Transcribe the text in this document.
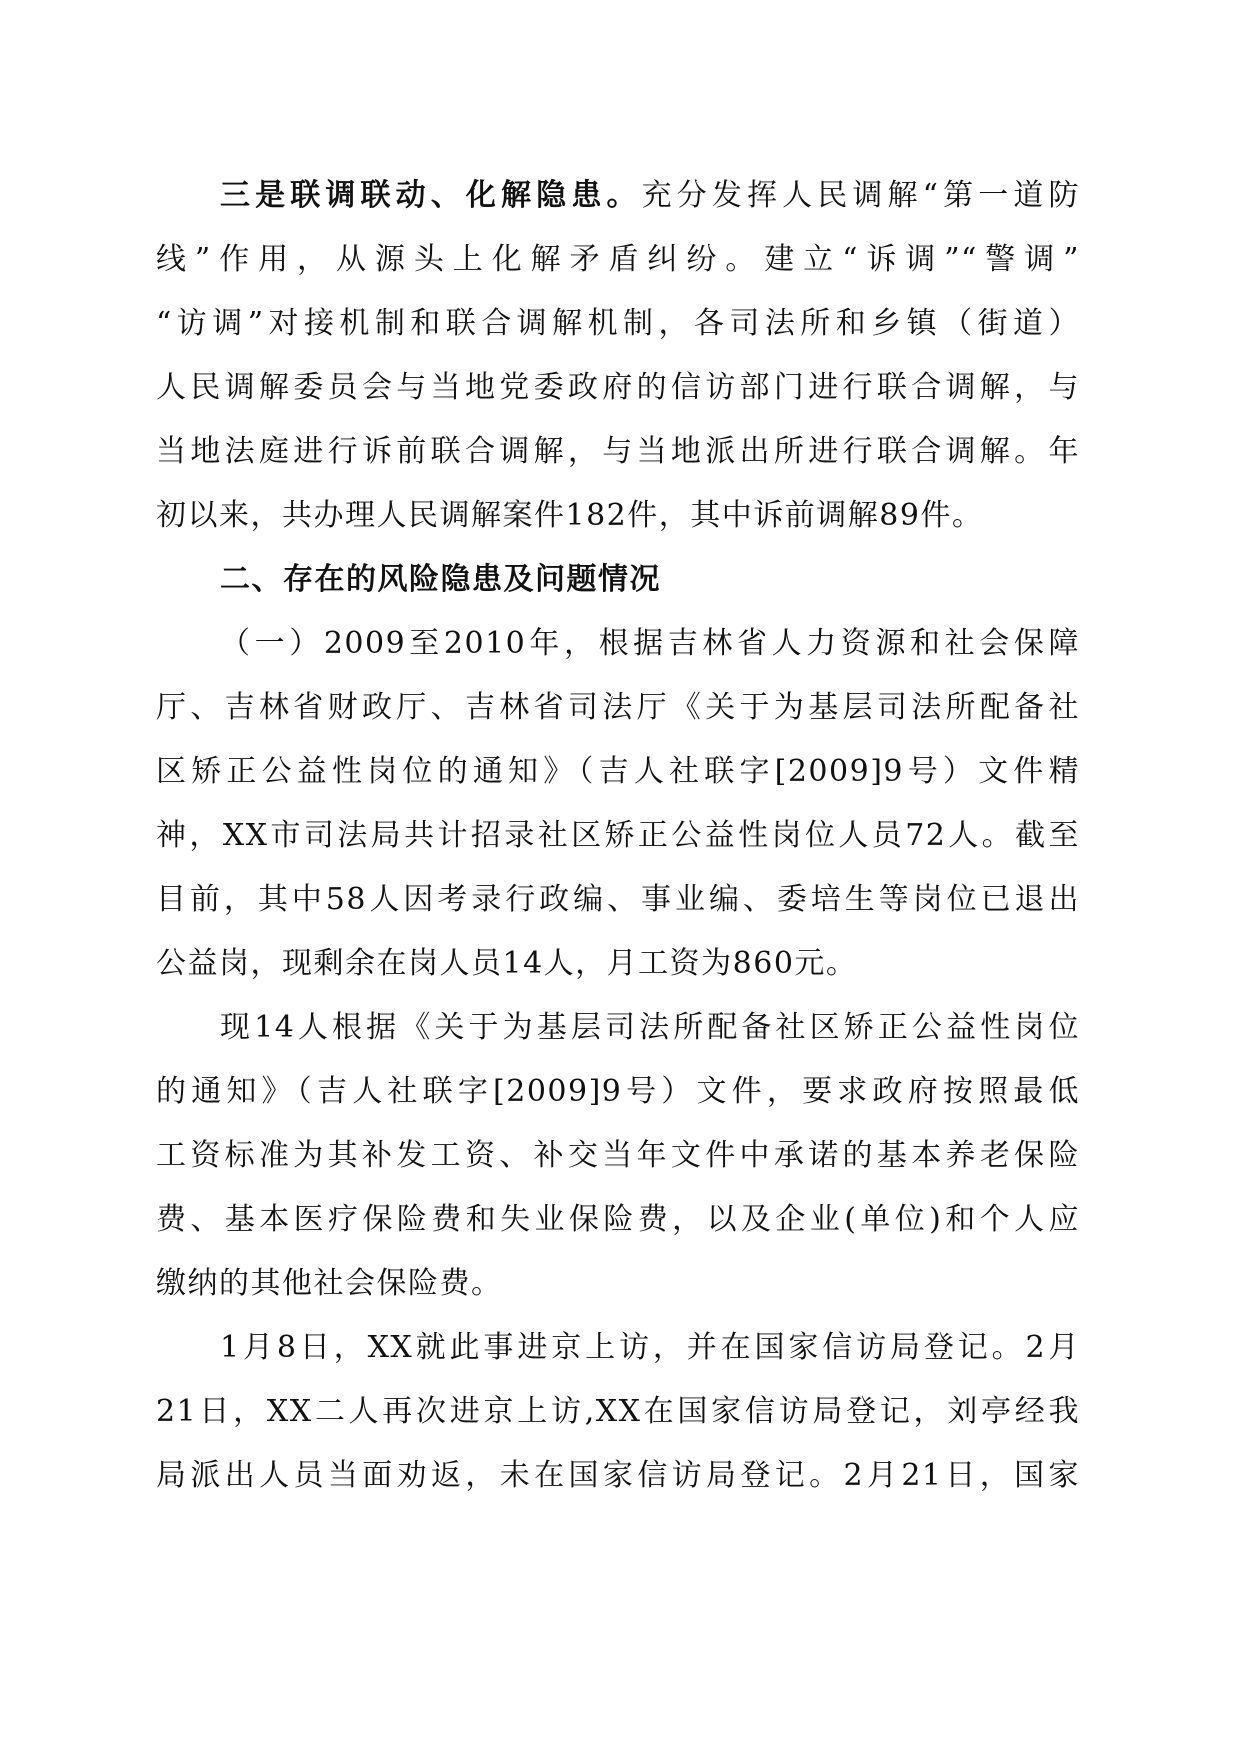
三是联调联动、化解隐患。充分发挥人民调解“第一道防
线”作用，从源头上化解矛盾纠纷。建立“诉调”“警调”
“访调”对接机制和联合调解机制，各司法所和乡镇（街道）
人民调解委员会与当地党委政府的信访部门进行联合调解，与
当地法庭进行诉前联合调解，与当地派出所进行联合调解。年
初以来，共办理人民调解案件182件，其中诉前调解89件。
二、存在的风险隐患及问题情况
（一）2009至2010年，根据吉林省人力资源和社会保障
厅、吉林省财政厅、吉林省司法厅《关于为基层司法所配备社
区矫正公益性岗位的通知》（吉人社联字[2009]9号）文件精
神，XX市司法局共计招录社区矫正公益性岗位人员72人。截至
目前，其中58人因考录行政编、事业编、委培生等岗位已退出
公益岗，现剩余在岗人员14人，月工资为860元。
现14人根据《关于为基层司法所配备社区矫正公益性岗位
的通知》（吉人社联字[2009]9号）文件，要求政府按照最低
工资标准为其补发工资、补交当年文件中承诺的基本养老保险
费、基本医疗保险费和失业保险费，以及企业(单位)和个人应
缴纳的其他社会保险费。
1月8日，XX就此事进京上访，并在国家信访局登记。2月
21日，XX二人再次进京上访,XX在国家信访局登记，刘亭经我
局派出人员当面劝返，未在国家信访局登记。2月21日，国家
